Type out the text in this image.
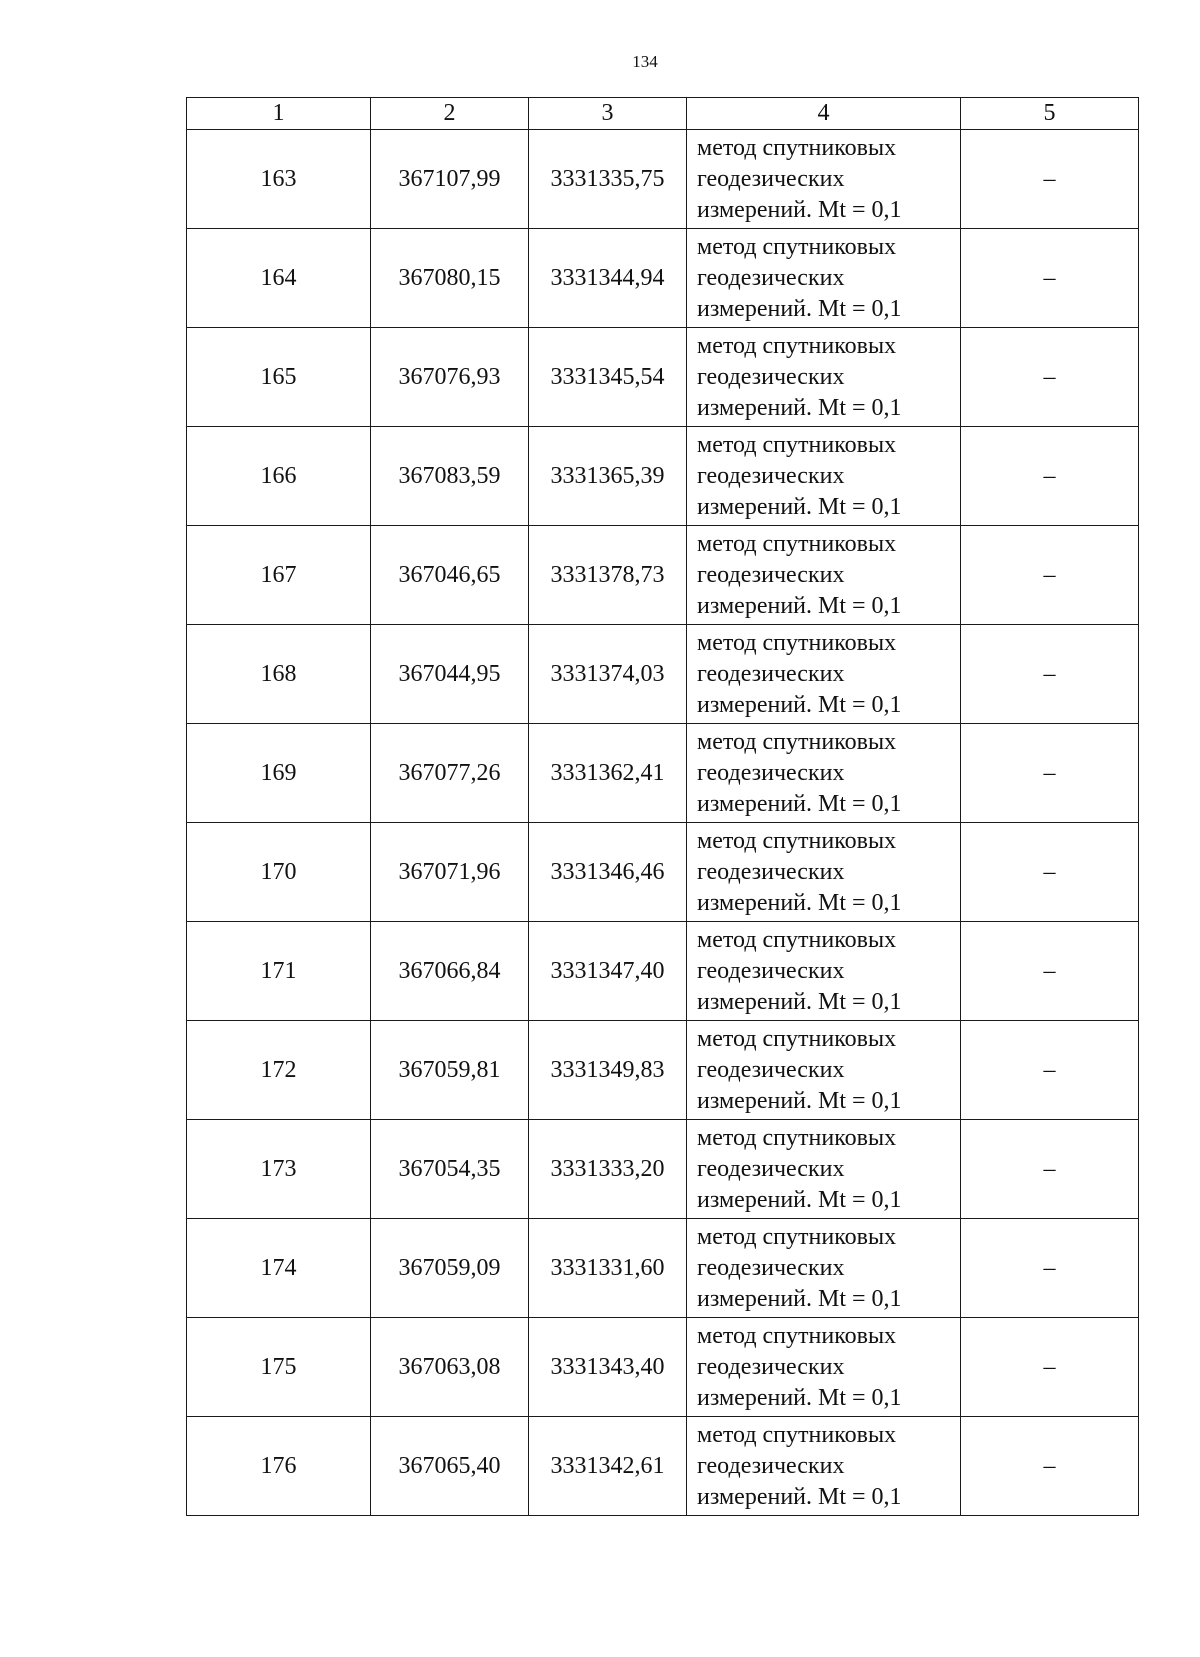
134
1	2	3	4	5
163	367107,99	3331335,75	метод спутниковых
геодезических
измерений. Mt = 0,1	–
164	367080,15	3331344,94	метод спутниковых
геодезических
измерений. Mt = 0,1	–
165	367076,93	3331345,54	метод спутниковых
геодезических
измерений. Mt = 0,1	–
166	367083,59	3331365,39	метод спутниковых
геодезических
измерений. Mt = 0,1	–
167	367046,65	3331378,73	метод спутниковых
геодезических
измерений. Mt = 0,1	–
168	367044,95	3331374,03	метод спутниковых
геодезических
измерений. Mt = 0,1	–
169	367077,26	3331362,41	метод спутниковых
геодезических
измерений. Mt = 0,1	–
170	367071,96	3331346,46	метод спутниковых
геодезических
измерений. Mt = 0,1	–
171	367066,84	3331347,40	метод спутниковых
геодезических
измерений. Mt = 0,1	–
172	367059,81	3331349,83	метод спутниковых
геодезических
измерений. Mt = 0,1	–
173	367054,35	3331333,20	метод спутниковых
геодезических
измерений. Mt = 0,1	–
174	367059,09	3331331,60	метод спутниковых
геодезических
измерений. Mt = 0,1	–
175	367063,08	3331343,40	метод спутниковых
геодезических
измерений. Mt = 0,1	–
176	367065,40	3331342,61	метод спутниковых
геодезических
измерений. Mt = 0,1	–
